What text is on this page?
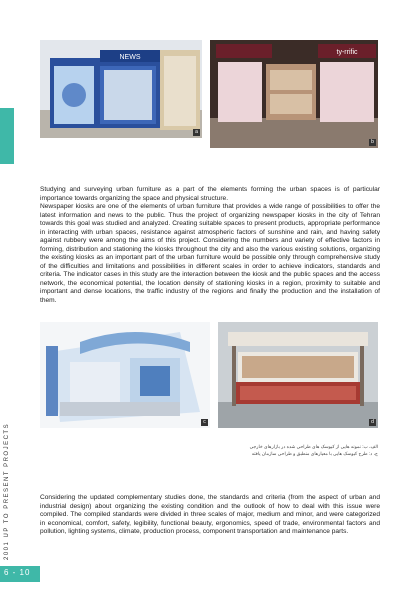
NEWS
a
ty-rrific
b

Studying and surveying urban furniture as a part of the elements forming the urban spaces is of particular importance towards organizing the space and physical structure.

Newspaper kiosks are one of the elements of urban furniture that provides a wide range of possibilities to offer the latest information and news to the public. Thus the project of organizing newspaper kiosks in the city of Tehran towards this goal was studied and analyzed. Creating suitable spaces to present products, appropriate performance in interacting with urban spaces, resistance against atmospheric factors of sunshine and rain, and having safety against rubbery were among the aims of this project. Considering the numbers and variety of effective factors in forming, distribution and stationing the kiosks throughout the city and also the various existing solutions, organizing the existing kiosks as an important part of the urban furniture would be possible only through comprehensive study of the difficulties and limitations and possibilities in different scales in order to achieve indicators, standards and criteria. The indicator cases in this study are the interaction between the kiosk and the public spaces and the access network, the economical potential, the location density of stationing kiosks in a region, proximity to suitable and important and dense locations, the traffic industry of the regions and finally the production and the installation of them.

c	d
الف، ب: نمونه هایی از کیوسک های طراحی شده در بازارهای خارجی
ج، د: طرح کیوسک هایی با معیارهای منطبق و طراحی سازمان یافته
Considering the updated complementary studies done, the standards and criteria (from the aspect of urban and industrial design) about organizing the existing condition and the outlook of how to deal with this issue were compiled. The compiled standards were divided in three scales of major, medium and minor, and were categorized in economical, comfort, safety, legibility, functional beauty, ergonomics, speed of trade, environmental factors and pollution, lighting systems, climate, production process, component transportation and maintenance parts.
2001 UP TO PRESENT PROJECTS
6 - 10
